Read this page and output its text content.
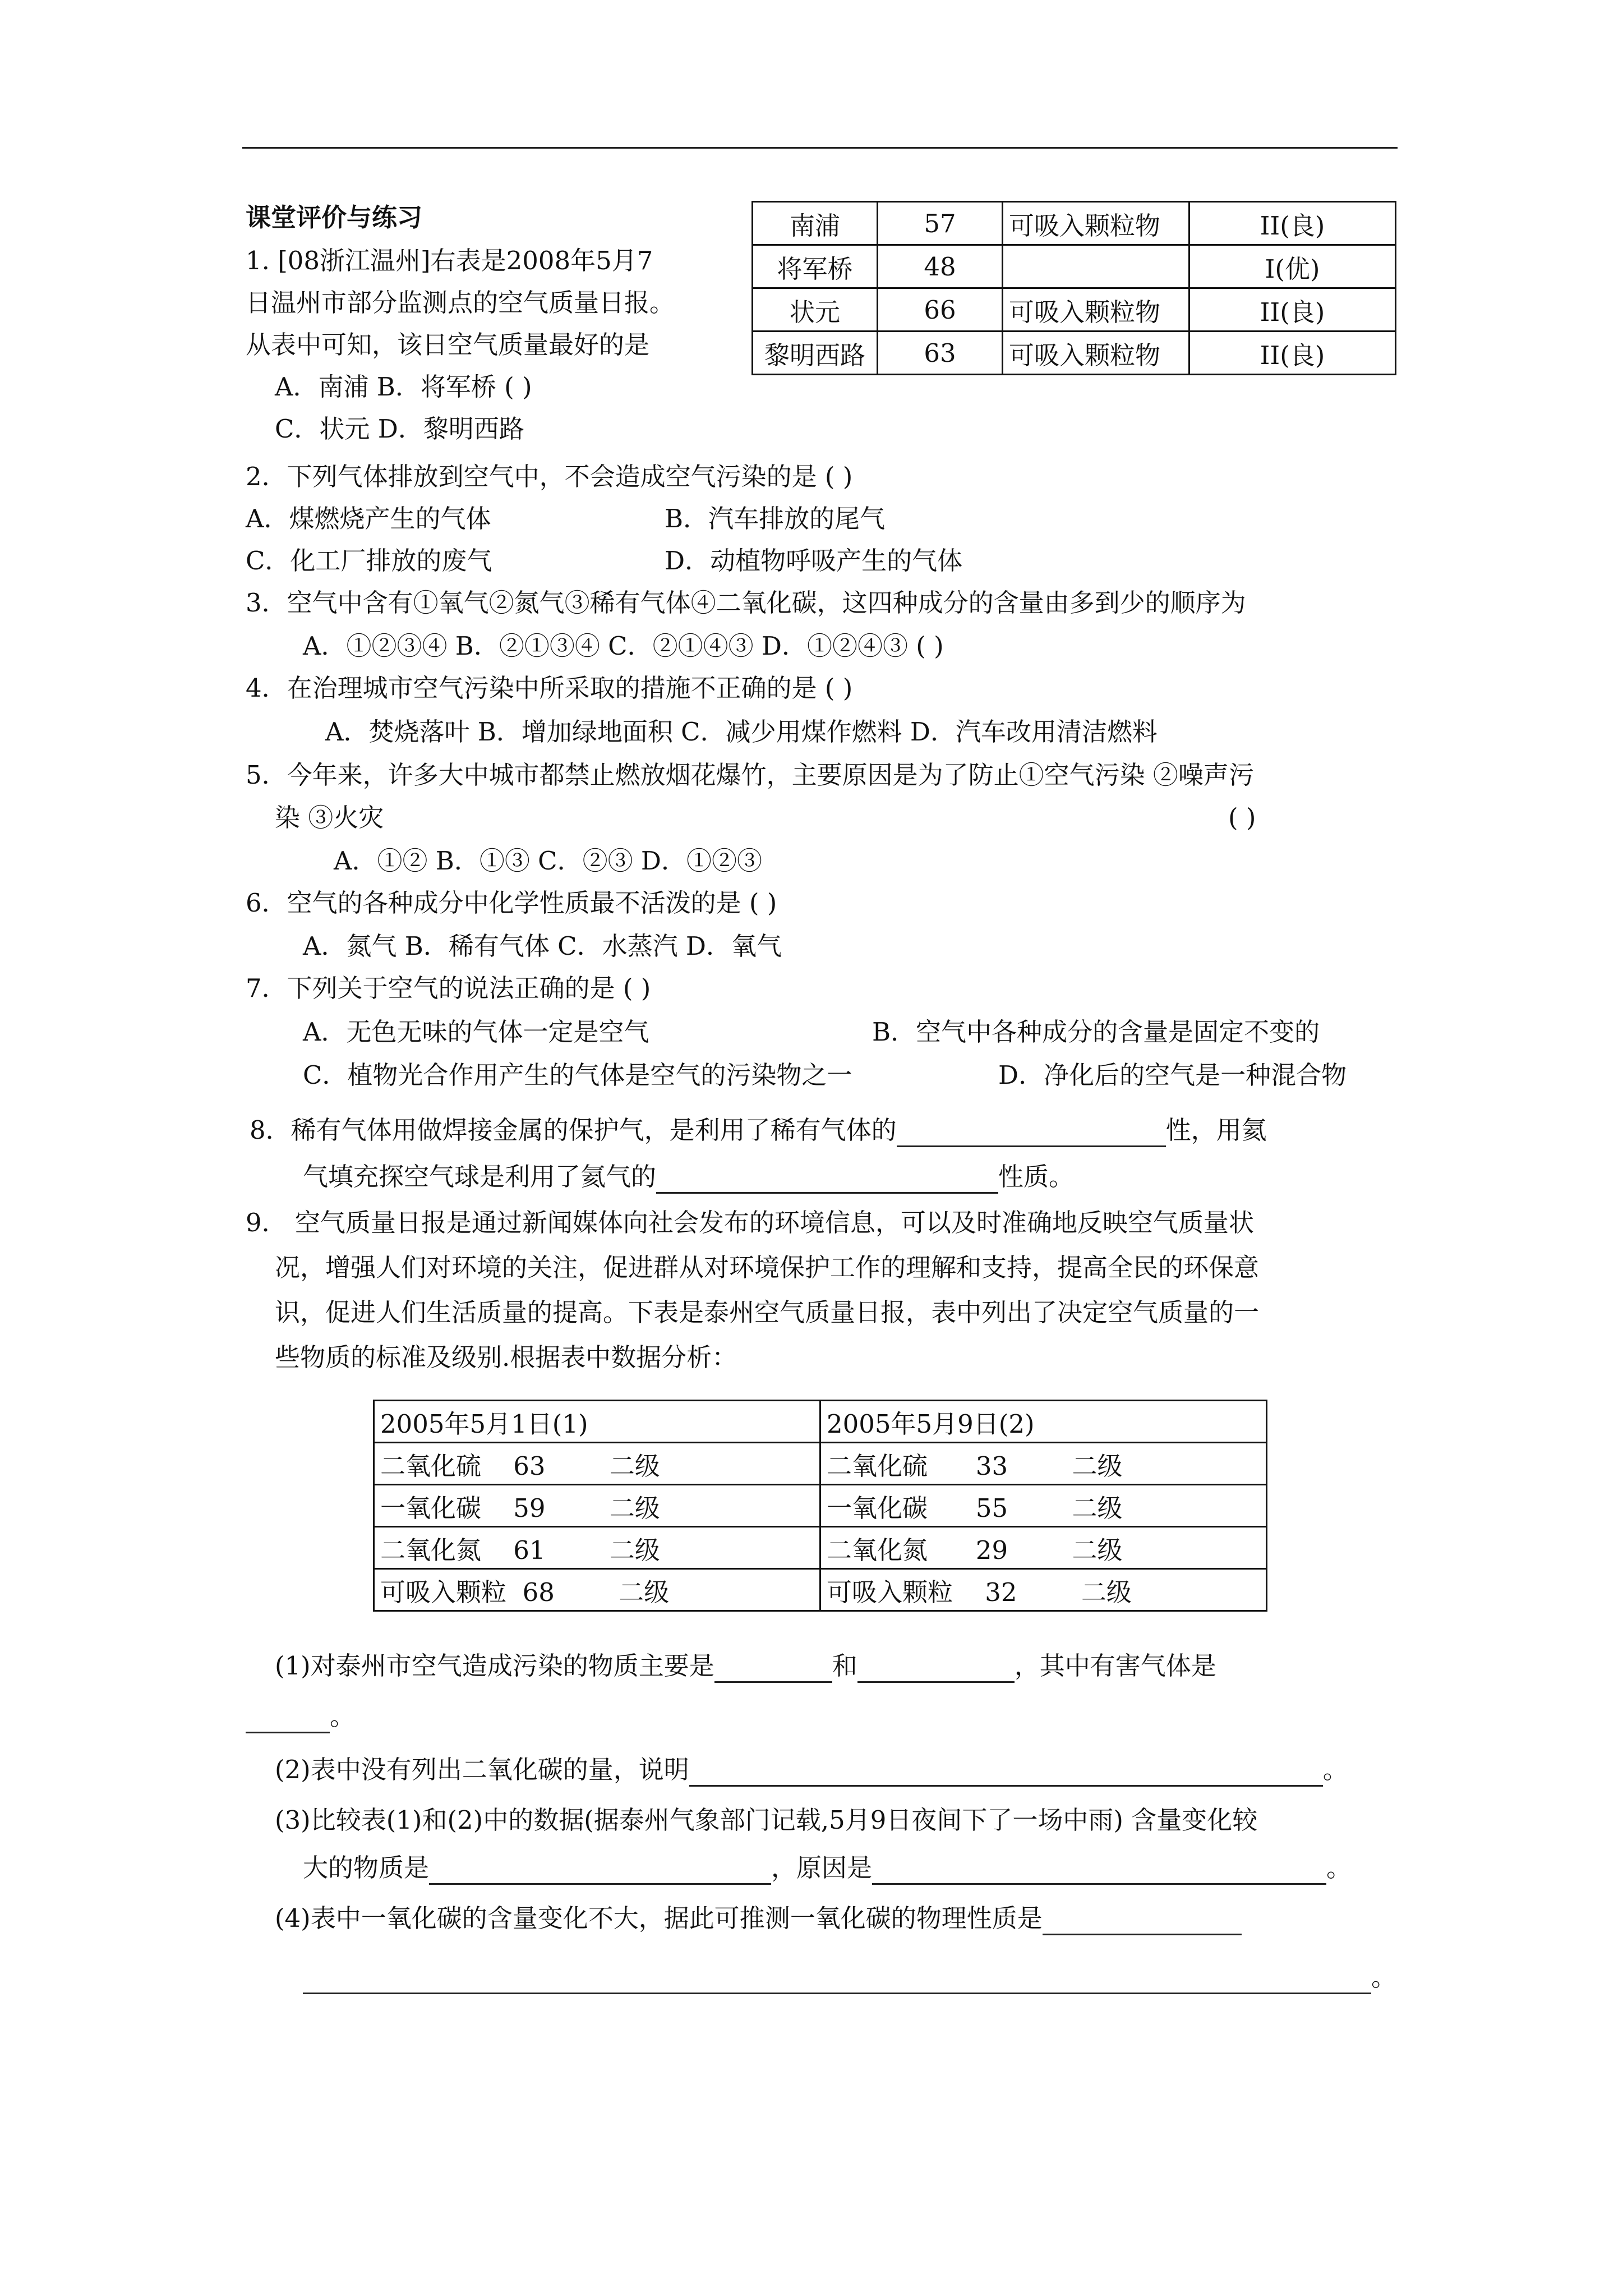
课堂评价与练习
1. [08浙江温州]右表是2008年5月7
日温州市部分监测点的空气质量日报。
从表中可知，该日空气质量最好的是
A．南浦 B．将军桥 ( )
C．状元 D．黎明西路
南浦	57	可吸入颗粒物	II(良)
将军桥	48		I(优)
状元	66	可吸入颗粒物	II(良)
黎明西路	63	可吸入颗粒物	II(良)
2．下列气体排放到空气中，不会造成空气污染的是 ( )
A．煤燃烧产生的气体	B．汽车排放的尾气
C．化工厂排放的废气	D．动植物呼吸产生的气体
3．空气中含有①氧气②氮气③稀有气体④二氧化碳，这四种成分的含量由多到少的顺序为
A．①②③④ B．②①③④ C．②①④③ D．①②④③ ( )
4．在治理城市空气污染中所采取的措施不正确的是 ( )
A．焚烧落叶 B．增加绿地面积 C．减少用煤作燃料 D．汽车改用清洁燃料
5．今年来，许多大中城市都禁止燃放烟花爆竹，主要原因是为了防止①空气污染 ②噪声污
染 ③火灾	( )
A．①② B．①③ C．②③ D．①②③
6．空气的各种成分中化学性质最不活泼的是 ( )
A．氮气 B．稀有气体 C．水蒸汽 D．氧气
7．下列关于空气的说法正确的是 ( )
A．无色无味的气体一定是空气	B．空气中各种成分的含量是固定不变的
C．植物光合作用产生的气体是空气的污染物之一	D．净化后的空气是一种混合物
8．稀有气体用做焊接金属的保护气，是利用了稀有气体的	性，用氦
气填充探空气球是利用了氦气的	性质。
9． 空气质量日报是通过新闻媒体向社会发布的环境信息，可以及时准确地反映空气质量状
况，增强人们对环境的关注，促进群从对环境保护工作的理解和支持，提高全民的环保意
识，促进人们生活质量的提高。下表是泰州空气质量日报，表中列出了决定空气质量的一
些物质的标准及级别.根据表中数据分析：
2005年5月1日(1)	2005年5月9日(2)
二氧化硫    63        二级	二氧化硫      33        二级
一氧化碳    59        二级	一氧化碳      55        二级
二氧化氮    61        二级	二氧化氮      29        二级
可吸入颗粒  68        二级	可吸入颗粒    32        二级
(1)对泰州市空气造成污染的物质主要是	和	，其中有害气体是
。
(2)表中没有列出二氧化碳的量，说明	。
(3)比较表(1)和(2)中的数据(据泰州气象部门记载,5月9日夜间下了一场中雨) 含量变化较
大的物质是	，原因是	。
(4)表中一氧化碳的含量变化不大，据此可推测一氧化碳的物理性质是
。
